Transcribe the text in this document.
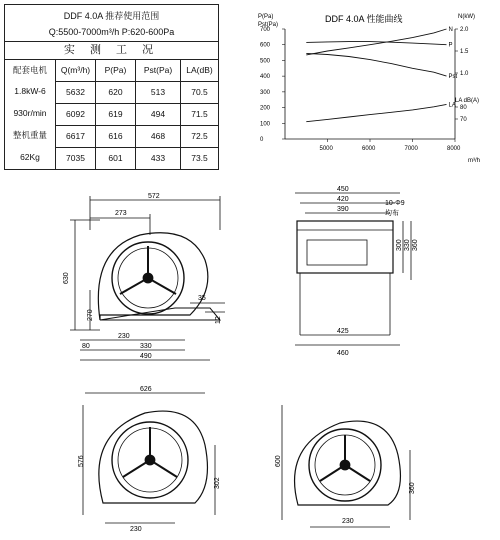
DDF 4.0A 推荐使用范围
Q:5500-7000m³/h P:620-600Pa
实 测 工 况
配套电机	Q(m³/h)	P(Pa)	Pst(Pa)	LA(dB)
1.8kW-6	5632	620	513	70.5
930r/min	6092	619	494	71.5
整机重量	6617	616	468	72.5
62Kg	7035	601	433	73.5
DDF 4.0A 性能曲线
P(Pa)
Pst(Pa)
N(kW)
LA dB(A)
m³/h
5000	6000	7000	8000
700
600
500
400
300
200
100
0
2.0
1.5
1.0
80
70
N
P
Pst
LA
572
273
630
270
35
12
230
80	330
490
450
420
390
10-Φ9
均布
300 330 360
425
460
626
576
302
230
600
360
230
